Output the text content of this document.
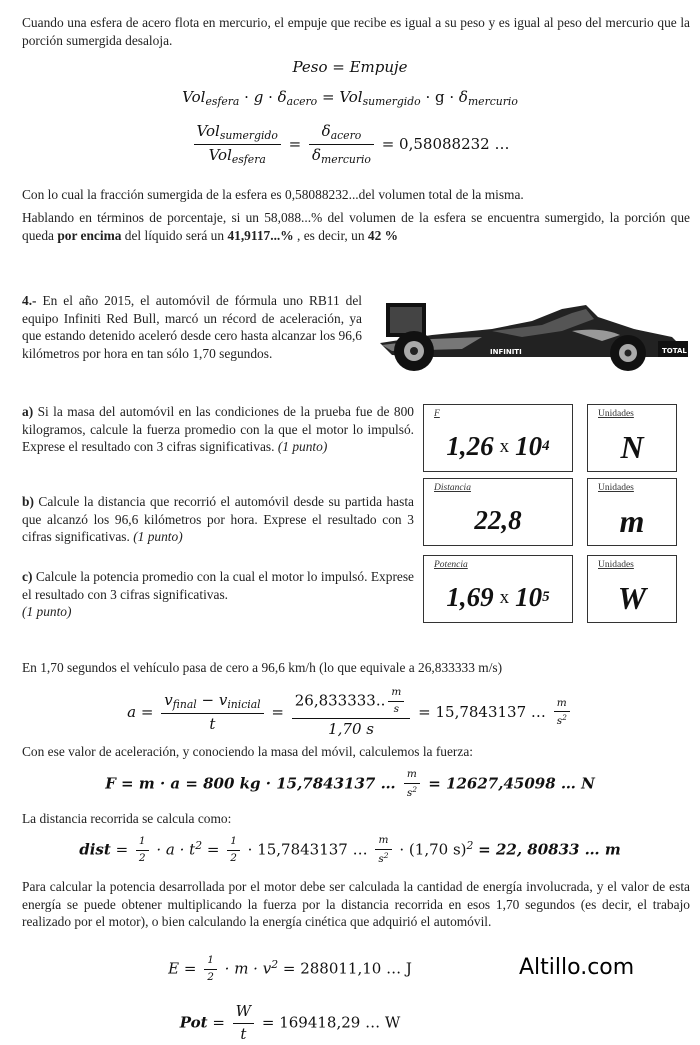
Cuando una esfera de acero flota en mercurio, el empuje que recibe es igual a su peso y es igual al peso del mercurio que la porción sumergida desaloja.

Peso = Empuje
$Vol_{esfera} \cdot g \cdot \delta_{acero} = Vol_{sumergido} \cdot g \cdot \delta_{mercurio}$
$\frac{Vol_{sumergido}}{Vol_{esfera}} = \frac{\delta_{acero}}{\delta_{mercurio}} = 0,58088232$ …

Con lo cual la fracción sumergida de la esfera es 0,58088232...del volumen total de la misma.

Hablando en términos de porcentaje, si un 58,088...% del volumen de la esfera se encuentra sumergido, la porción que queda por encima del líquido será un 41,9117...% , es decir, un 42 %

4.- En el año 2015, el automóvil de fórmula uno RB11 del equipo Infiniti Red Bull, marcó un récord de aceleración, ya que estando detenido aceleró desde cero hasta alcanzar los 96,6 kilómetros por hora en tan sólo 1,70 segundos.	INFINITI	TOTAL

a) Si la masa del automóvil en las condiciones de la prueba fue de 800 kilogramos, calcule la fuerza promedio con la que el motor lo impulsó. Exprese el resultado con 3 cifras significativas. (1 punto)

b) Calcule la distancia que recorrió el automóvil desde su partida hasta que alcanzó los 96,6 kilómetros por hora. Exprese el resultado con 3 cifras significativas. (1 punto)

c) Calcule la potencia promedio con la cual el motor lo impulsó. Exprese el resultado con 3 cifras significativas.
(1 punto)

F
1,26 x 10 4
Unidades
N
Distancia
22,8
Unidades
m
Potencia
1,69 x 10 5
Unidades
W

En 1,70 segundos el vehículo pasa de cero a 96,6 km/h (lo que equivale a 26,833333 m/s)

$a = \frac{v_{final} - v_{inicial}}{t} = \frac{26,833333.. \frac{m}{s}}{1,70 s} = 15,7843137$ … $\frac{m}{s^2}$

Con ese valor de aceleración, y conociendo la masa del móvil, calculemos la fuerza:

F = m · a = 800 kg · 15,7843137 … $\frac{m}{s^2} = 12627,45098$ … N

La distancia recorrida se calcula como:

dist = $\frac{1}{2} \cdot a \cdot t^2 = \frac{1}{2} \cdot 15,7843137$ … $\frac{m}{s^2} \cdot (1,70$ s)$^2$ = 22, 80833 … m

Para calcular la potencia desarrollada por el motor debe ser calculada la cantidad de energía involucrada, y el valor de esta energía se puede obtener multiplicando la fuerza por la distancia recorrida en esos 1,70 segundos (es decir, el trabajo realizado por el motor), o bien calculando la energía cinética que adquirió el automóvil.

$E = \frac{1}{2} \cdot m \cdot v^2 = 288011,10$ … J
Pot = $\frac{W}{t} = 169418,29$ … W
Altillo.com
